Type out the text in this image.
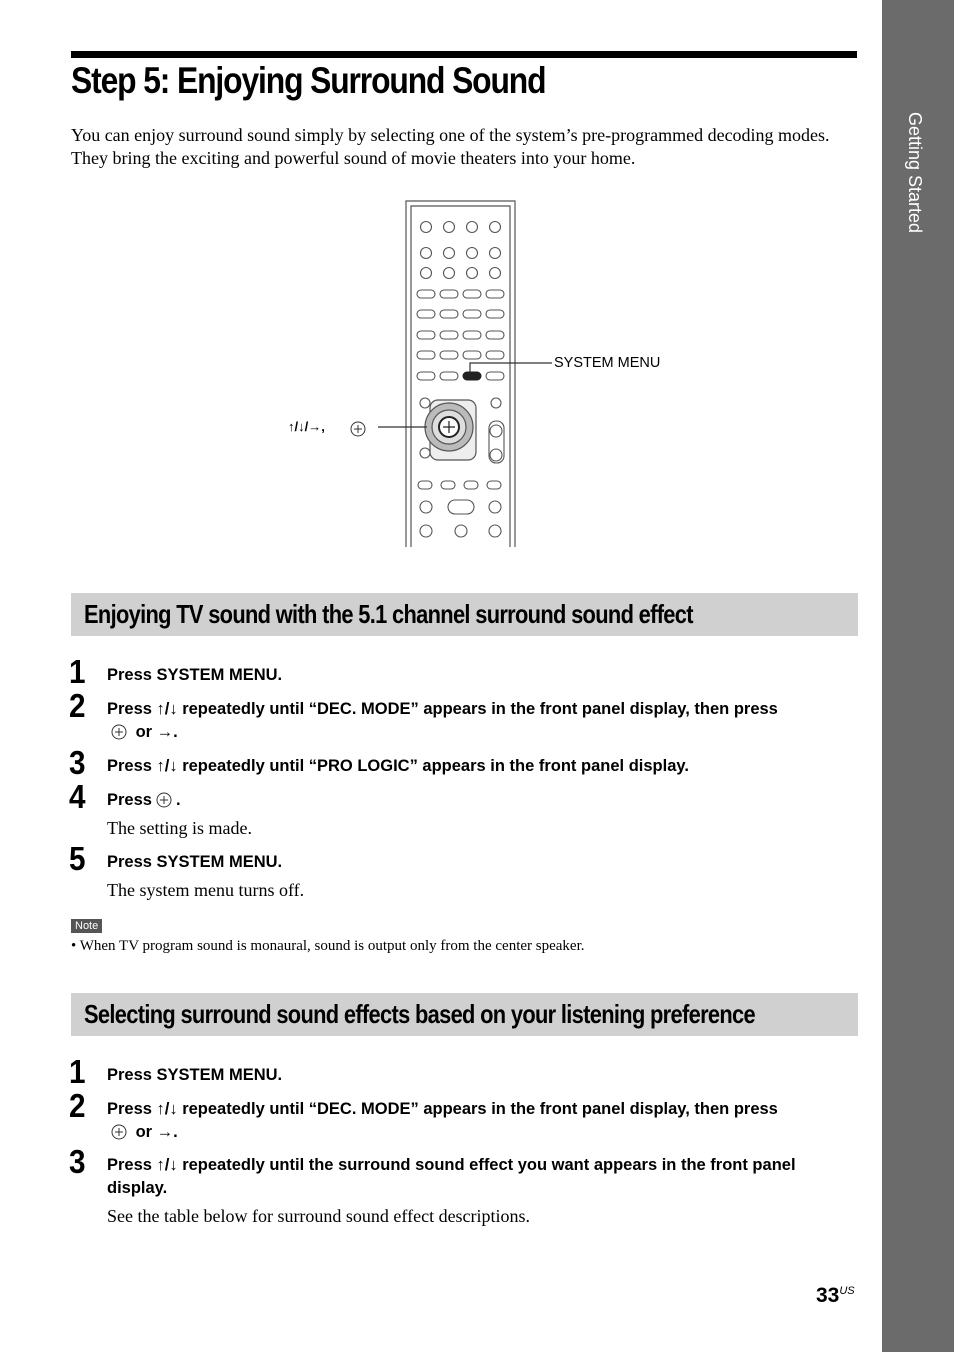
Getting Started
Step 5: Enjoying Surround Sound

You can enjoy surround sound simply by selecting one of the system’s pre-programmed decoding modes. They bring the exciting and powerful sound of movie theaters into your home.

SYSTEM MENU
↑/↓/→,
Enjoying TV sound with the 5.1 channel surround sound effect
1 Press SYSTEM MENU.

2 Press ↑/↓ repeatedly until “DEC. MODE” appears in the front panel display, then press
or →.

3 Press ↑/↓ repeatedly until “PRO LOGIC” appears in the front panel display.

4 Press .

The setting is made.

5 Press SYSTEM MENU.

The system menu turns off.

Note

• When TV program sound is monaural, sound is output only from the center speaker.

Selecting surround sound effects based on your listening preference
1 Press SYSTEM MENU.

2 Press ↑/↓ repeatedly until “DEC. MODE” appears in the front panel display, then press
or →.

3 Press ↑/↓ repeatedly until the surround sound effect you want appears in the front panel display.

See the table below for surround sound effect descriptions.

$33^{US}$
